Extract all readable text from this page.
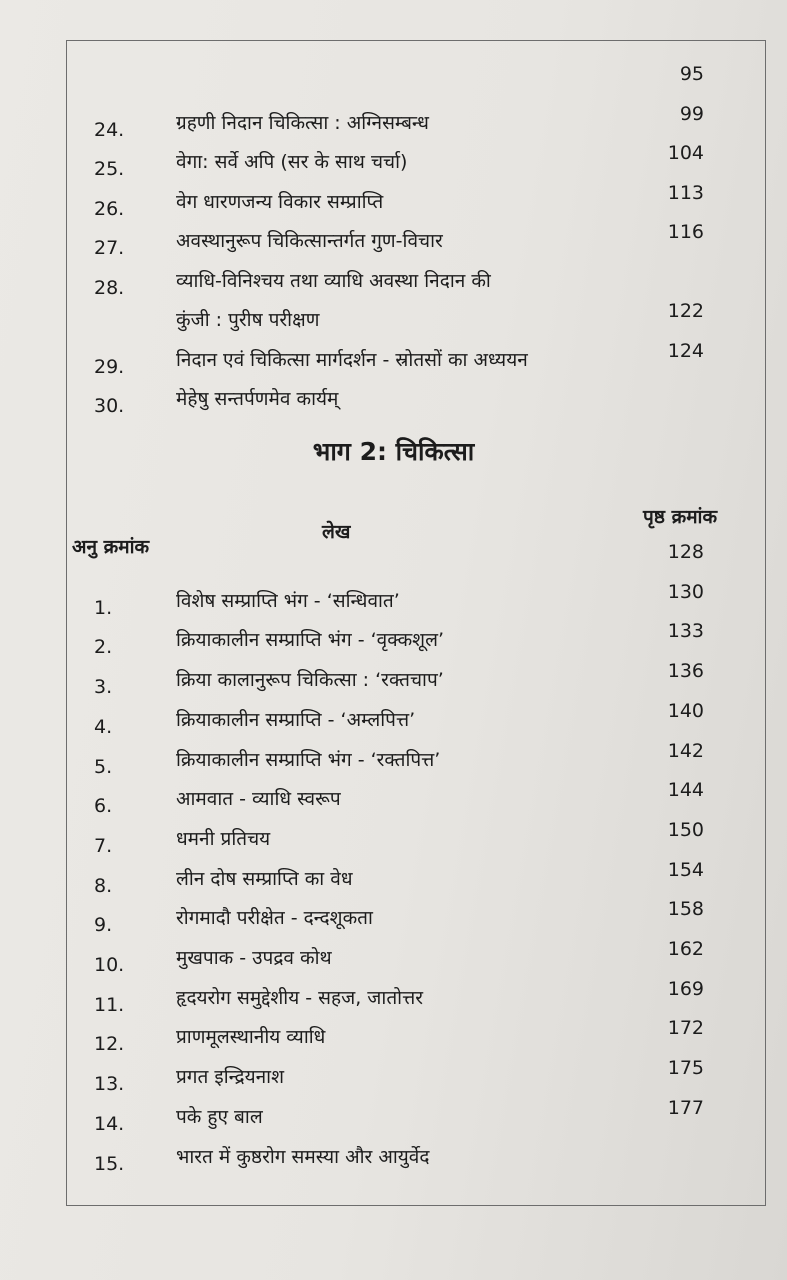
95
24.	ग्रहणी निदान चिकित्सा : अग्निसम्बन्ध	99
25.	वेगा: सर्वे अपि (सर के साथ चर्चा)	104
26.	वेग धारणजन्य विकार सम्प्राप्ति	113
27.	अवस्थानुरूप चिकित्सान्तर्गत गुण-विचार	116
28.	व्याधि-विनिश्चय तथा व्याधि अवस्था निदान की
कुंजी : पुरीष परीक्षण	122
29.	निदान एवं चिकित्सा मार्गदर्शन - स्रोतसों का अध्ययन	124
30.	मेहेषु सन्तर्पणमेव कार्यम्
भाग 2: चिकित्सा
अनु क्रमांक
लेख
पृष्ठ क्रमांक
128
1.	विशेष सम्प्राप्ति भंग - ‘सन्धिवात’	130
2.	क्रियाकालीन सम्प्राप्ति भंग - ‘वृक्कशूल’	133
3.	क्रिया कालानुरूप चिकित्सा : ‘रक्तचाप’	136
4.	क्रियाकालीन सम्प्राप्ति - ‘अम्लपित्त’	140
5.	क्रियाकालीन सम्प्राप्ति भंग - ‘रक्तपित्त’	142
6.	आमवात - व्याधि स्वरूप	144
7.	धमनी प्रतिचय	150
8.	लीन दोष सम्प्राप्ति का वेध	154
9.	रोगमादौ परीक्षेत - दन्दशूकता	158
10.	मुखपाक - उपद्रव कोथ	162
11.	हृदयरोग समुद्देशीय - सहज, जातोत्तर	169
12.	प्राणमूलस्थानीय व्याधि	172
13.	प्रगत इन्द्रियनाश	175
14.	पके हुए बाल	177
15.	भारत में कुष्ठरोग समस्या और आयुर्वेद
